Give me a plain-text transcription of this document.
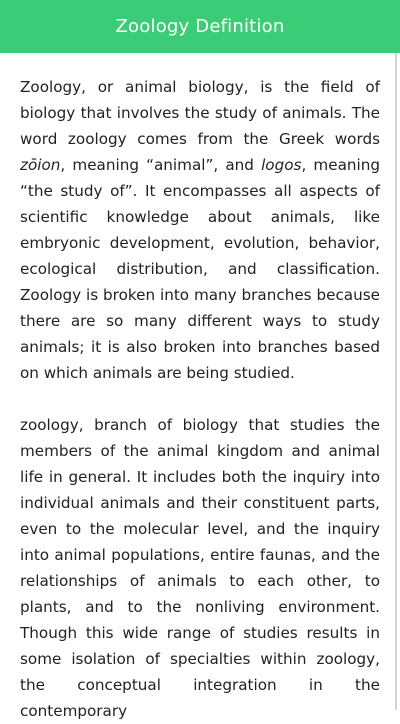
Zoology Definition

Zoology, or animal biology, is the field of biology that involves the study of animals. The word zoology comes from the Greek words zōion, meaning “animal”, and logos, meaning “the study of”. It encompasses all aspects of scientific knowledge about animals, like embryonic development, evolution, behavior, ecological distribution, and classification. Zoology is broken into many branches because there are so many different ways to study animals; it is also broken into branches based on which animals are being studied.

zoology, branch of biology that studies the members of the animal kingdom and animal life in general. It includes both the inquiry into individual animals and their constituent parts, even to the molecular level, and the inquiry into animal populations, entire faunas, and the relationships of animals to each other, to plants, and to the nonliving environment. Though this wide range of studies results in some isolation of specialties within zoology, the conceptual integration in the contemporary
